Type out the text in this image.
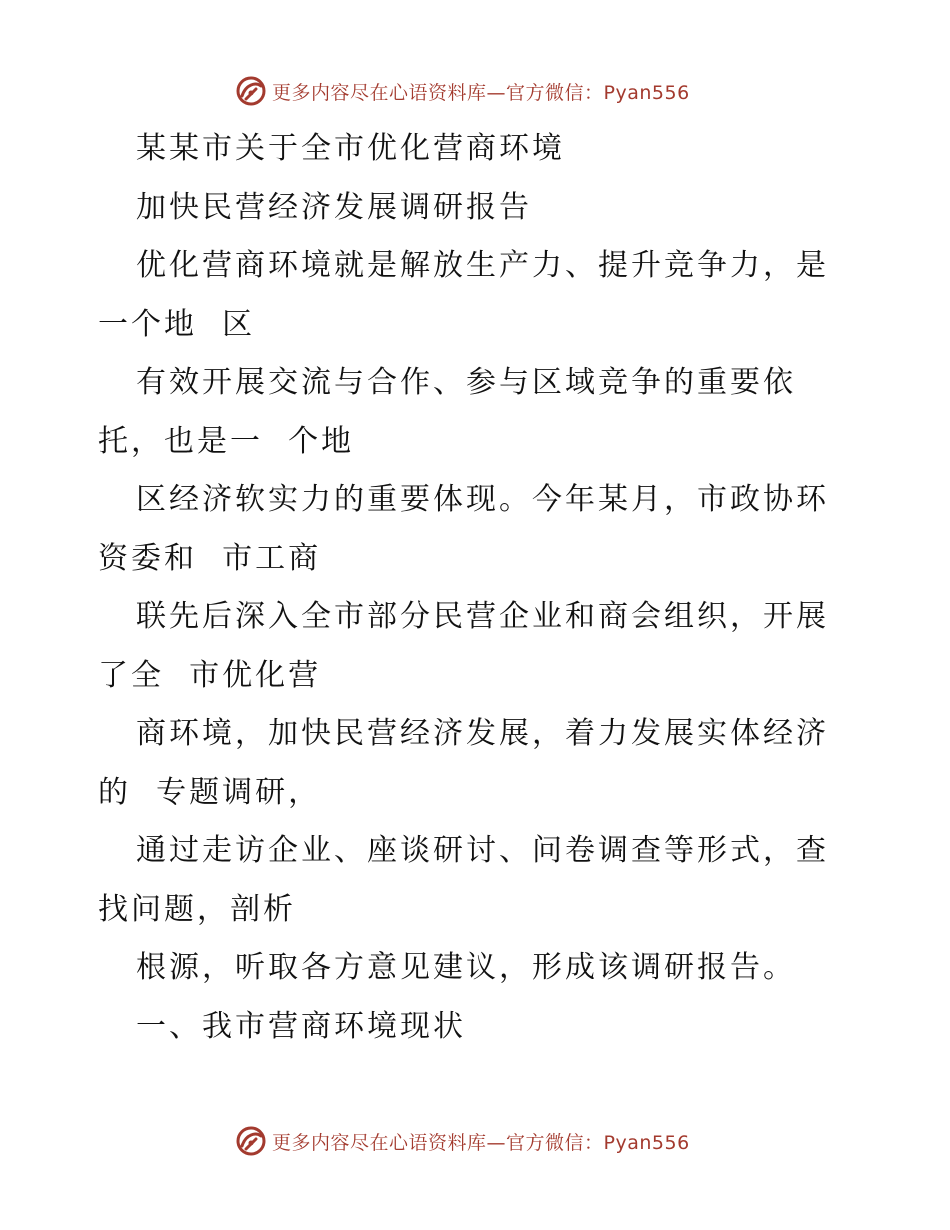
更多内容尽在心语资料库—官方微信：Pyan556
某某市关于全市优化营商环境
加快民营经济发展调研报告
优化营商环境就是解放生产力、提升竞争力，是
一个地  区
有效开展交流与合作、参与区域竞争的重要依
托，也是一  个地
区经济软实力的重要体现。今年某月，市政协环
资委和  市工商
联先后深入全市部分民营企业和商会组织，开展
了全  市优化营
商环境，加快民营经济发展，着力发展实体经济
的  专题调研，
通过走访企业、座谈研讨、问卷调查等形式，查
找问题，剖析
根源，听取各方意见建议，形成该调研报告。
一、我市营商环境现状
更多内容尽在心语资料库—官方微信：Pyan556
